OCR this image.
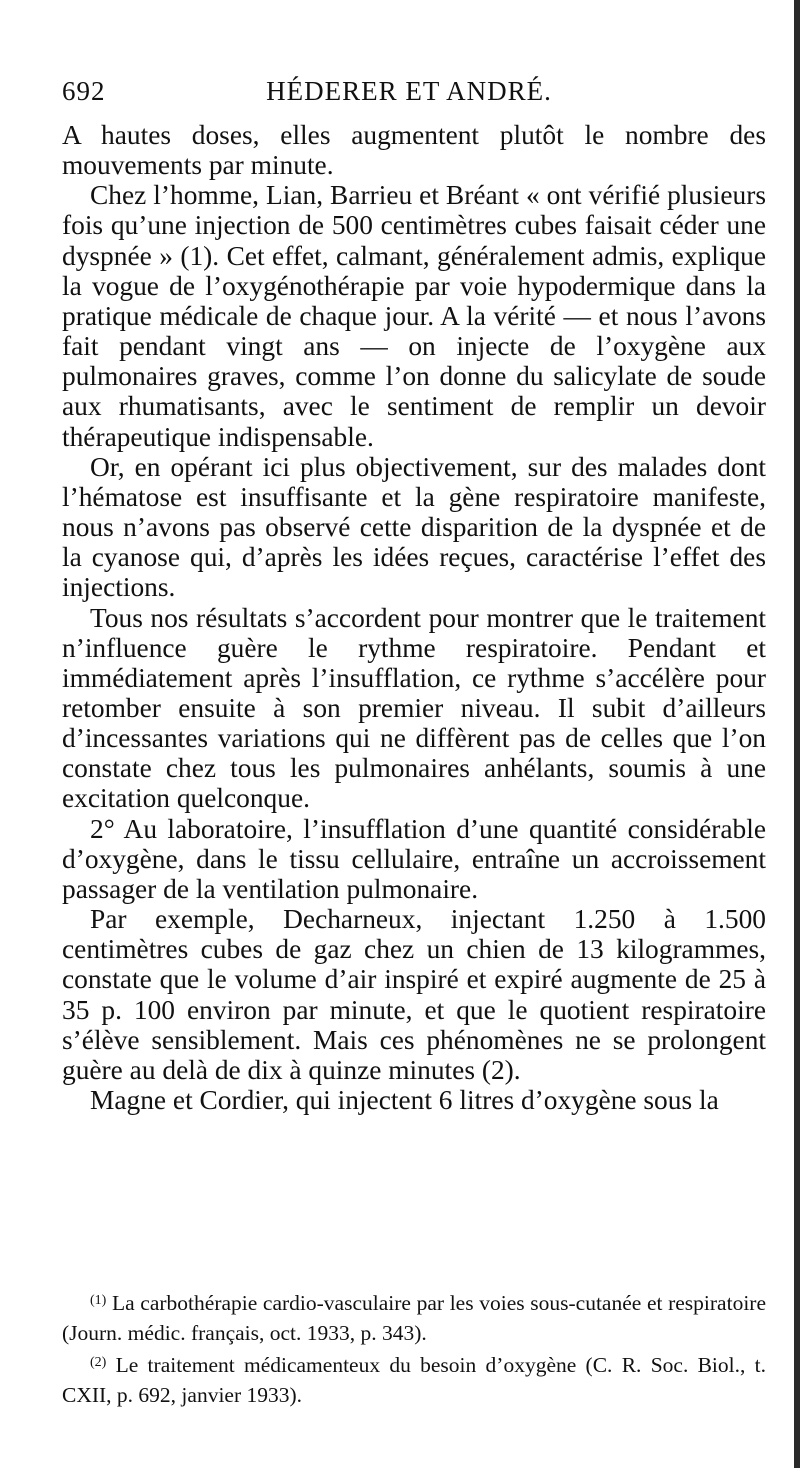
692	HÉDERER ET ANDRÉ.

A hautes doses, elles augmentent plutôt le nombre des mouvements par minute.

Chez l’homme, Lian, Barrieu et Bréant « ont vérifié plusieurs fois qu’une injection de 500 centimètres cubes faisait céder une dyspnée » (1). Cet effet, calmant, généralement admis, explique la vogue de l’oxygénothérapie par voie hypodermique dans la pratique médicale de chaque jour. A la vérité — et nous l’avons fait pendant vingt ans — on injecte de l’oxygène aux pulmonaires graves, comme l’on donne du salicylate de soude aux rhumatisants, avec le sentiment de remplir un devoir thérapeutique indispensable.

Or, en opérant ici plus objectivement, sur des malades dont l’hématose est insuffisante et la gène respiratoire manifeste, nous n’avons pas observé cette disparition de la dyspnée et de la cyanose qui, d’après les idées reçues, caractérise l’effet des injections.

Tous nos résultats s’accordent pour montrer que le traitement n’influence guère le rythme respiratoire. Pendant et immédiatement après l’insufflation, ce rythme s’accélère pour retomber ensuite à son premier niveau. Il subit d’ailleurs d’incessantes variations qui ne diffèrent pas de celles que l’on constate chez tous les pulmonaires anhélants, soumis à une excitation quelconque.

2° Au laboratoire, l’insufflation d’une quantité considérable d’oxygène, dans le tissu cellulaire, entraîne un accroissement passager de la ventilation pulmonaire.

Par exemple, Decharneux, injectant 1.250 à 1.500 centimètres cubes de gaz chez un chien de 13 kilogrammes, constate que le volume d’air inspiré et expiré augmente de 25 à 35 p. 100 environ par minute, et que le quotient respiratoire s’élève sensiblement. Mais ces phénomènes ne se prolongent guère au delà de dix à quinze minutes (2).

Magne et Cordier, qui injectent 6 litres d’oxygène sous la

$^{(1)}$ La carbothérapie cardio-vasculaire par les voies sous-cutanée et respiratoire (Journ. médic. français, oct. 1933, p. 343).

$^{(2)}$ Le traitement médicamenteux du besoin d’oxygène (C. R. Soc. Biol., t. CXII, p. 692, janvier 1933).
